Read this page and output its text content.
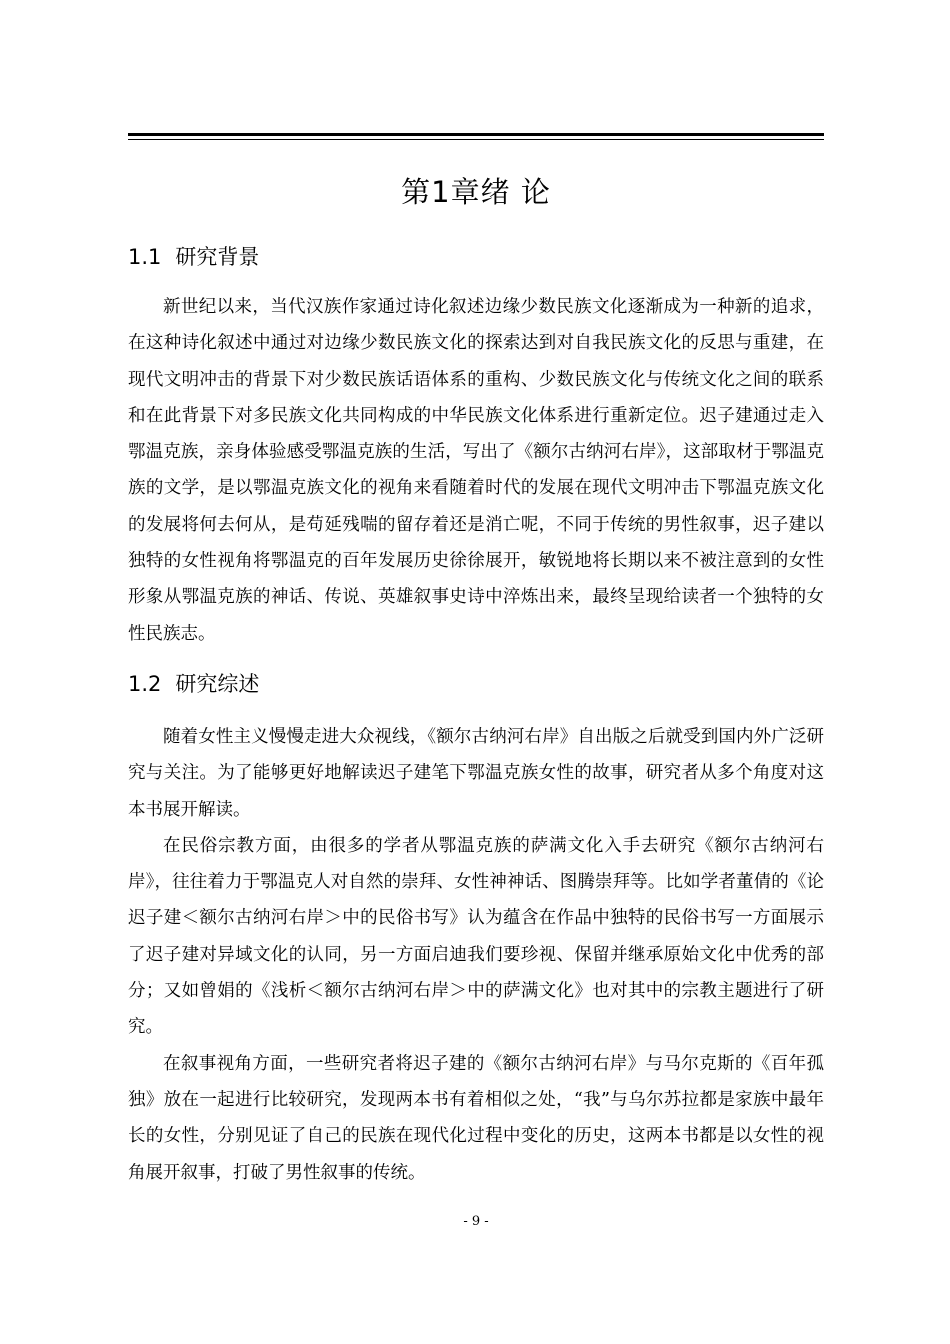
第1章绪 论
1.1 研究背景

新世纪以来，当代汉族作家通过诗化叙述边缘少数民族文化逐渐成为一种新的追求，在这种诗化叙述中通过对边缘少数民族文化的探索达到对自我民族文化的反思与重建，在现代文明冲击的背景下对少数民族话语体系的重构、少数民族文化与传统文化之间的联系和在此背景下对多民族文化共同构成的中华民族文化体系进行重新定位。迟子建通过走入鄂温克族，亲身体验感受鄂温克族的生活，写出了《额尔古纳河右岸》，这部取材于鄂温克族的文学，是以鄂温克族文化的视角来看随着时代的发展在现代文明冲击下鄂温克族文化的发展将何去何从，是苟延残喘的留存着还是消亡呢，不同于传统的男性叙事，迟子建以独特的女性视角将鄂温克的百年发展历史徐徐展开，敏锐地将长期以来不被注意到的女性形象从鄂温克族的神话、传说、英雄叙事史诗中淬炼出来，最终呈现给读者一个独特的女性民族志。

1.2 研究综述

随着女性主义慢慢走进大众视线，《额尔古纳河右岸》自出版之后就受到国内外广泛研究与关注。为了能够更好地解读迟子建笔下鄂温克族女性的故事，研究者从多个角度对这本书展开解读。

在民俗宗教方面，由很多的学者从鄂温克族的萨满文化入手去研究《额尔古纳河右岸》，往往着力于鄂温克人对自然的崇拜、女性神神话、图腾崇拜等。比如学者董倩的《论迟子建＜额尔古纳河右岸＞中的民俗书写》认为蕴含在作品中独特的民俗书写一方面展示了迟子建对异域文化的认同，另一方面启迪我们要珍视、保留并继承原始文化中优秀的部分；又如曾娟的《浅析＜额尔古纳河右岸＞中的萨满文化》也对其中的宗教主题进行了研究。

在叙事视角方面，一些研究者将迟子建的《额尔古纳河右岸》与马尔克斯的《百年孤独》放在一起进行比较研究，发现两本书有着相似之处，“我”与乌尔苏拉都是家族中最年长的女性，分别见证了自己的民族在现代化过程中变化的历史，这两本书都是以女性的视角展开叙事，打破了男性叙事的传统。

- 9 -
